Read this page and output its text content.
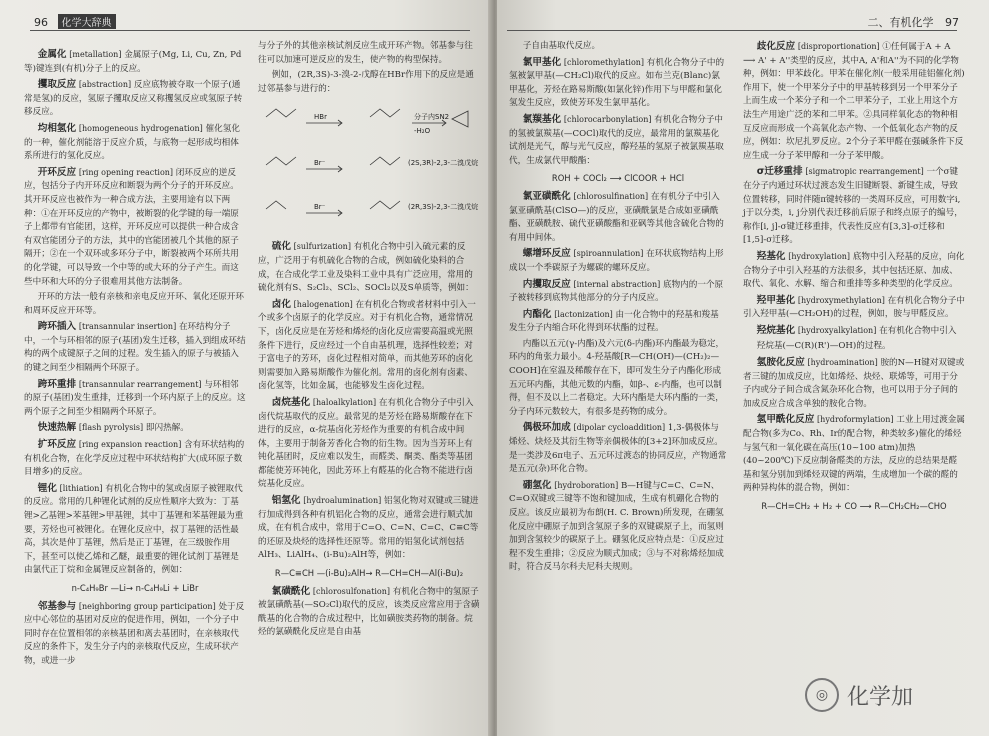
96 化学大辞典

金属化 [metallation] 金属原子(Mg, Li, Cu, Zn, Pd等)键连到(有机)分子上的反应。

攫取反应 [abstraction] 反应底物被夺取一个原子(通常是氢)的反应，氢原子攫取反应又称攫氢反应或氢原子转移反应。

均相氢化 [homogeneous hydrogenation] 催化氢化的一种，催化剂能溶于反应介质，与底物一起形成均相体系所进行的氢化反应。

开环反应 [ring opening reaction] 闭环反应的逆反应，包括分子内开环反应和断裂为两个分子的开环反应。其开环反应也被作为一种合成方法，主要用途有以下两种：①在开环反应的产物中，被断裂的化学键的每一端原子上都带有官能团，这样，开环反应可以提供一种合成含有双官能团分子的方法，其中的官能团被几个其他的原子隔开；②在一个双环或多环分子中，断裂被两个环所共用的化学键，可以导致一个中等的或大环的分子产生。而这些中环和大环的分子很难用其他方法制备。

开环的方法一般有亲核和亲电反应开环、氧化还原开环和周环反应开环等。

跨环插入 [transannular insertion] 在环结构分子中，一个与环相邻的原子(基团)发生迁移，插入到组成环结构的两个成键原子之间的过程。发生插入的原子与被插入的键之间至少相隔两个环原子。

跨环重排 [transannular rearrangement] 与环相邻的原子(基团)发生重排，迁移到一个环内原子上的反应。这两个原子之间至少相隔两个环原子。

快速热解 [flash pyrolysis] 即闪热解。

扩环反应 [ring expansion reaction] 含有环状结构的有机化合物，在化学反应过程中环状结构扩大(成环原子数目增多)的反应。

锂化 [lithiation] 有机化合物中的氢或卤原子被锂取代的反应。常用的几种锂化试剂的反应性顺序大致为：丁基锂>乙基锂>苯基锂>甲基锂，其中丁基锂和苯基锂最为重要，芳烃也可被锂化。在锂化反应中，叔丁基锂的活性最高，其次是仲丁基锂，然后是正丁基锂，在三级胺作用下，甚至可以使乙烯和乙醚，最重要的锂化试剂丁基锂是由氯代正丁烷和金属锂反应制备的，例如：

n-C₄H₉Br —Li→ n-C₄H₉Li + LiBr

邻基参与 [neighboring group participation] 处于反应中心邻位的基团对反应的促进作用，例如，一个分子中同时存在位置相邻的亲核基团和离去基团时，在亲核取代反应的条件下，发生分子内的亲核取代反应，生成环状产物，或进一步

与分子外的其他亲核试剂反应生成开环产物。邻基参与往往可以加速可逆反应的发生，使产物的构型保持。

例如，(2R,3S)-3-溴-2-戊醇在HBr作用下的反应是通过邻基参与进行的：

HBr	分子内SN2
-H₂O
Br⁻	(2S,3R)-2,3-二溴戊烷
Br⁻	(2R,3S)-2,3-二溴戊烷

硫化 [sulfurization] 有机化合物中引入硫元素的反应，广泛用于有机硫化合物的合成，例如硫化染料的合成，在合成化学工业及染料工业中具有广泛应用，常用的硫化剂有S、S₂Cl₂、SCl₂、SOCl₂以及S单质等，例如：

卤化 [halogenation] 在有机化合物或者材料中引入一个或多个卤原子的化学反应。对于有机化合物，通常情况下，卤化反应是在芳烃和烯烃的卤化反应需要高温或光照条件下进行，反应经过一个自由基机理，选择性较差；对于富电子的芳环，卤化过程相对简单，而其他芳环的卤化则需要加入路易斯酸作为催化剂。常用的卤化剂有卤素、卤化氢等，比如金属，也能够发生卤化过程。

卤烷基化 [haloalkylation] 在有机化合物分子中引入卤代烷基取代的反应。最常见的是芳烃在路易斯酸存在下进行的反应，α-烷基卤化芳烃作为重要的有机合成中间体，主要用于制备芳香化合物的衍生物。因为当芳环上有钝化基团时，反应难以发生，而醛类、酮类、酯类等基团都能使芳环钝化，因此芳环上有醛基的化合物不能进行卤烷基化反应。

铝氢化 [hydroalumination] 铝氢化物对双键或三键进行加成得到各种有机铝化合物的反应，通常会进行顺式加成，在有机合成中，常用于C=O、C=N、C=C、C≡C等的还原及炔烃的选择性还原等。常用的铝氢化试剂包括AlH₃、LiAlH₄、(i-Bu)₂AlH等，例如：

R—C≡CH —(i-Bu)₂AlH→ R—CH=CH—Al(i-Bu)₂

氯磺酰化 [chlorosulfonation] 有机化合物中的氢原子被氯磺酰基(—SO₂Cl)取代的反应，该类反应常应用于含磺酰基的化合物的合成过程中，比如磺胺类药物的制备。烷烃的氯磺酰化反应是自由基

二、有机化学 97

子自由基取代反应。

氯甲基化 [chloromethylation] 有机化合物分子中的氢被氯甲基(—CH₂Cl)取代的反应。如布兰克(Blanc)氯甲基化，芳烃在路易斯酸(如氯化锌)作用下与甲醛和氯化氢发生反应，致使芳环发生氯甲基化。

氯羰基化 [chlorocarbonylation] 有机化合物分子中的氢被氯羰基(—COCl)取代的反应，最常用的氯羰基化试剂是光气，醇与光气反应，醇羟基的氢原子被氯羰基取代，生成氯代甲酸酯：

ROH + COCl₂ ⟶ ClCOOR + HCl

氯亚磺酰化 [chlorosulfination] 在有机分子中引入氯亚磺酰基(ClSO—)的反应，亚磺酰氯是合成如亚磺酰酯、亚磺酰胺、硫代亚磺酸酯和亚砜等其他含硫化合物的有用中间体。

螺增环反应 [spiroannulation] 在环状底物结构上形成以一个季碳原子为螺碳的螺环反应。

内攫取反应 [internal abstraction] 底物内的一个原子被转移到底物其他部分的分子内反应。

内酯化 [lactonization] 由一化合物中的羟基和羧基发生分子内缩合环化得到环状酯的过程。

内酯以五元(γ-内酯)及六元(δ-内酯)环内酯最为稳定，环内的角张力最小。4-羟基酸[R—CH(OH)—(CH₂)₂—COOH]在室温及稀酸存在下，即可发生分子内酯化形成五元环内酯，其他元数的内酯，如β-、ε-内酯，也可以制得，但不及以上二者稳定。大环内酯是大环内酯的一类，分子内环元数较大，有很多是药物的成分。

偶极环加成 [dipolar cycloaddition] 1,3-偶极体与烯烃、炔烃及其衍生物等亲偶极体的[3+2]环加成反应。是一类涉及6π电子、五元环过渡态的协同反应，产物通常是五元(杂)环化合物。

硼氢化 [hydroboration] B—H键与C=C、C=N、C=O双键或三键等不饱和键加成，生成有机硼化合物的反应。该反应最初为布朗(H. C. Brown)所发现，在硼氢化反应中硼原子加到含氢原子多的双键碳原子上，而氢则加到含氢较少的碳原子上。硼氢化反应特点是：①反应过程不发生重排；②反应为顺式加成；③与不对称烯烃加成时，符合反马尔科夫尼科夫规则。

歧化反应 [disproportionation] ①任何属于A + A ⟶ A' + A''类型的反应，其中A, A'和A''为不同的化学物种，例如：甲苯歧化。甲苯在催化剂(一般采用硅铝催化剂)作用下，使一个甲苯分子中的甲基转移到另一个甲苯分子上而生成一个苯分子和一个二甲苯分子，工业上用这个方法生产用途广泛的苯和二甲苯。②具同样氧化态的物种相互反应而形成一个高氧化态产物、一个低氧化态产物的反应，例如：坎尼扎罗反应。2个分子苯甲醛在强碱条件下反应生成一分子苯甲醇和一分子苯甲酸。

σ迁移重排 [sigmatropic rearrangement] 一个σ键在分子内通过环状过渡态发生旧键断裂、新键生成，导致位置转移，同时伴随π键转移的一类周环反应，可用数字i, j于以分类，i, j分别代表迁移前后原子和终点原子的编号，称作[i, j]-σ键迁移重排，代表性反应有[3,3]-σ迁移和[1,5]-σ迁移。

羟基化 [hydroxylation] 底物中引入羟基的反应，向化合物分子中引入羟基的方法很多，其中包括还原、加成、取代、氧化、水解、缩合和重排等多种类型的化学反应。

羟甲基化 [hydroxymethylation] 在有机化合物分子中引入羟甲基(—CH₂OH)的过程，例如，胺与甲醛反应。

羟烷基化 [hydroxyalkylation] 在有机化合物中引入

羟烷基(—C(R)(R')—OH)的过程。

氢胺化反应 [hydroamination] 胺的N—H键对双键或者三键的加成反应，比如烯烃、炔烃、联烯等，可用于分子内或分子间合成含氮杂环化合物，也可以用于分子间的加成反应合成含单独的胺化合物。

氢甲酰化反应 [hydroformylation] 工业上用过渡金属配合物(多为Co、Rh、Ir的配合物，种类较多)催化的烯烃与氢气和一氧化碳在高压(10~100 atm)加热(40~200℃)下反应制备醛类的方法，反应的总结果是醛基和氢分别加到烯烃双键的两端，生成增加一个碳的醛的两种异构体的混合物，例如：

R—CH=CH₂ + H₂ + CO ⟶ R—CH₂CH₂—CHO
◎ 化学加
